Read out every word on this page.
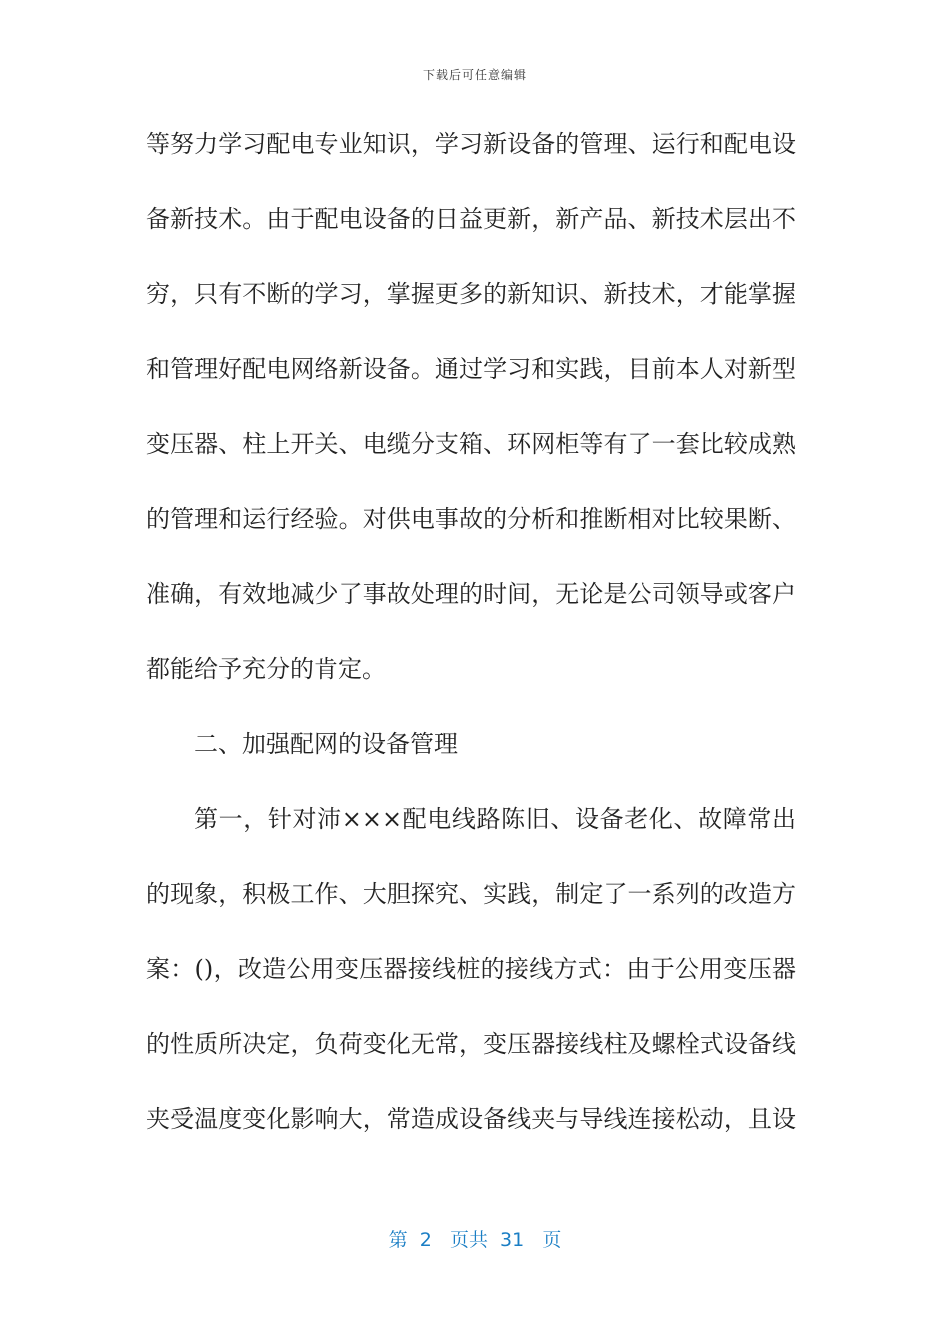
下载后可任意编辑
等努力学习配电专业知识，学习新设备的管理、运行和配电设
备新技术。由于配电设备的日益更新，新产品、新技术层出不
穷，只有不断的学习，掌握更多的新知识、新技术，才能掌握
和管理好配电网络新设备。通过学习和实践，目前本人对新型
变压器、柱上开关、电缆分支箱、环网柜等有了一套比较成熟
的管理和运行经验。对供电事故的分析和推断相对比较果断、
准确，有效地减少了事故处理的时间，无论是公司领导或客户
都能给予充分的肯定。
二、加强配网的设备管理
第一，针对沛×××配电线路陈旧、设备老化、故障常出
的现象，积极工作、大胆探究、实践，制定了一系列的改造方
案：()，改造公用变压器接线桩的接线方式：由于公用变压器
的性质所决定，负荷变化无常，变压器接线柱及螺栓式设备线
夹受温度变化影响大，常造成设备线夹与导线连接松动，且设
第  2   页共  31   页
